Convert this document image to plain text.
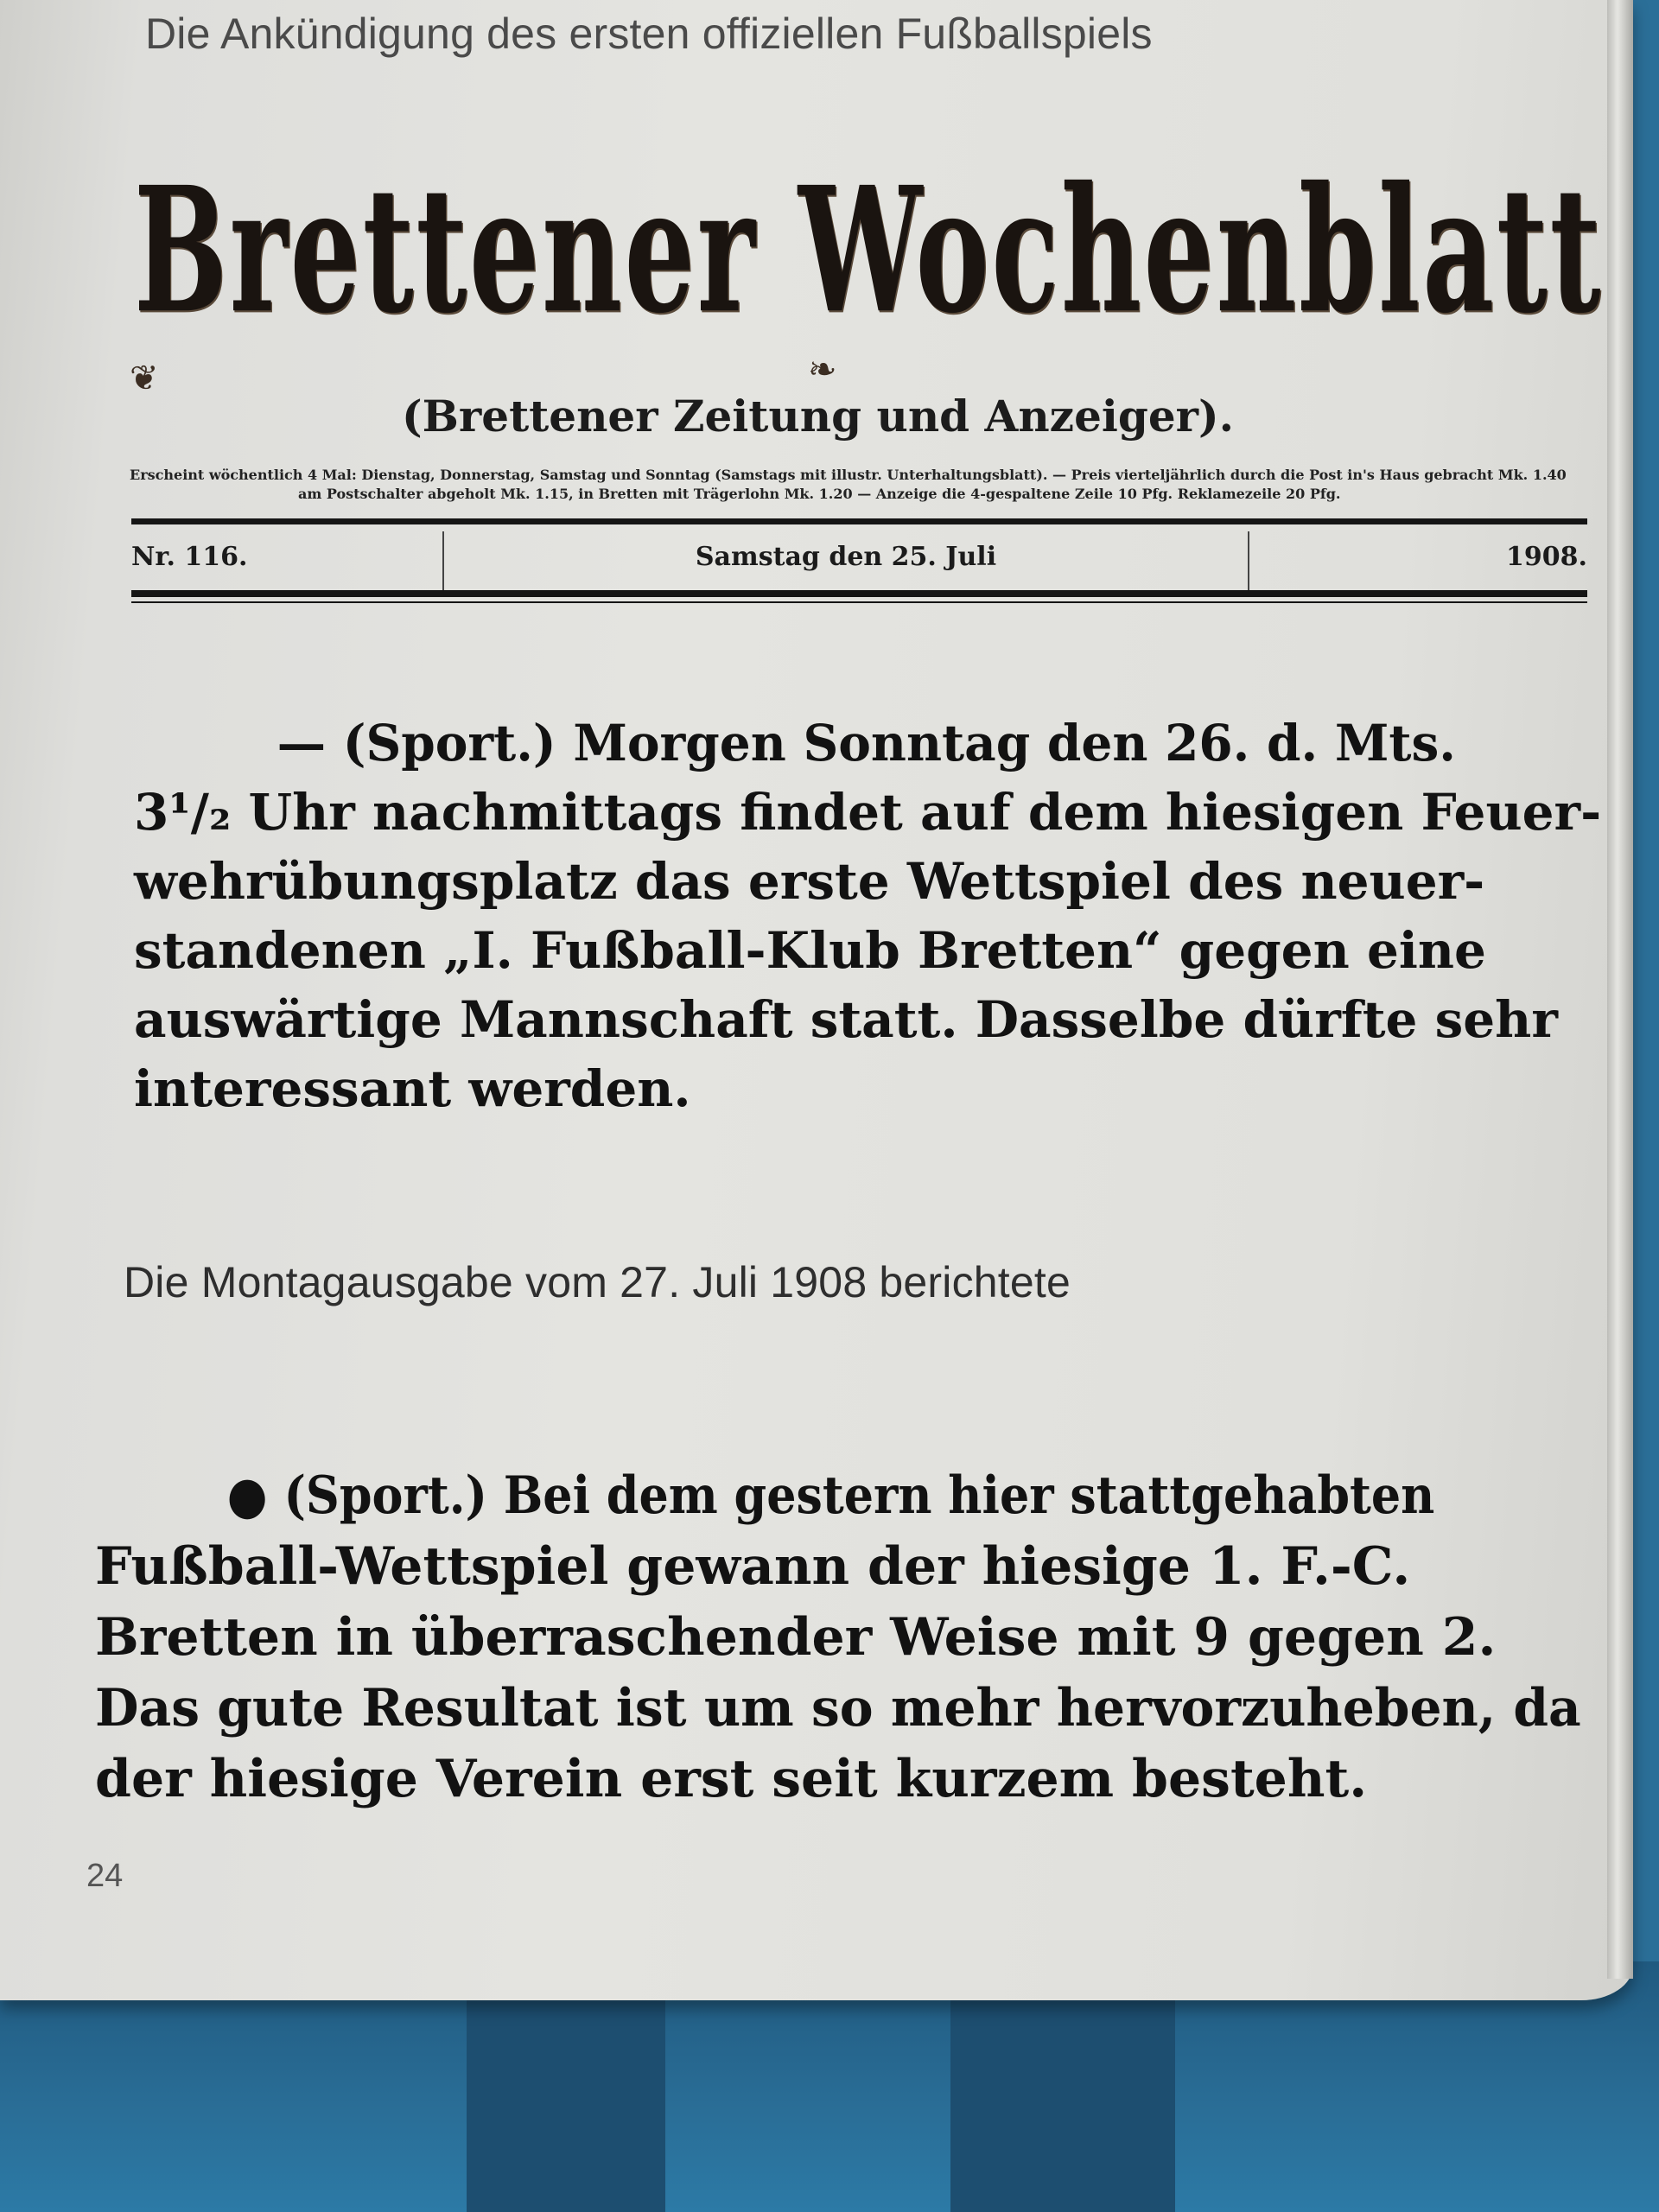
Die Ankündigung des ersten offiziellen Fußballspiels
Brettener Wochenblatt
❦	❧
(Brettener Zeitung und Anzeiger).
Erscheint wöchentlich 4 Mal: Dienstag, Donnerstag, Samstag und Sonntag (Samstags mit illustr. Unterhaltungsblatt). — Preis vierteljährlich durch die Post in's Haus gebracht Mk. 1.40
am Postschalter abgeholt Mk. 1.15, in Bretten mit Trägerlohn Mk. 1.20 — Anzeige die 4-gespaltene Zeile 10 Pfg. Reklamezeile 20 Pfg.
Nr. 116.	Samstag den 25. Juli	1908.
— (Sport.) Morgen Sonntag den 26. d. Mts. 3¹/₂ Uhr nachmittags findet auf dem hiesigen Feuer- wehrübungsplatz das erste Wettspiel des neuer- standenen „I. Fußball-Klub Bretten“ gegen eine auswärtige Mannschaft statt. Dasselbe dürfte sehr interessant werden.
Die Montagausgabe vom 27. Juli 1908 berichtete
● (Sport.) Bei dem gestern hier stattgehabten Fußball-Wettspiel gewann der hiesige 1. F.-C. Bretten in überraschender Weise mit 9 gegen 2. Das gute Resultat ist um so mehr hervorzuheben, da der hiesige Verein erst seit kurzem besteht.
24
